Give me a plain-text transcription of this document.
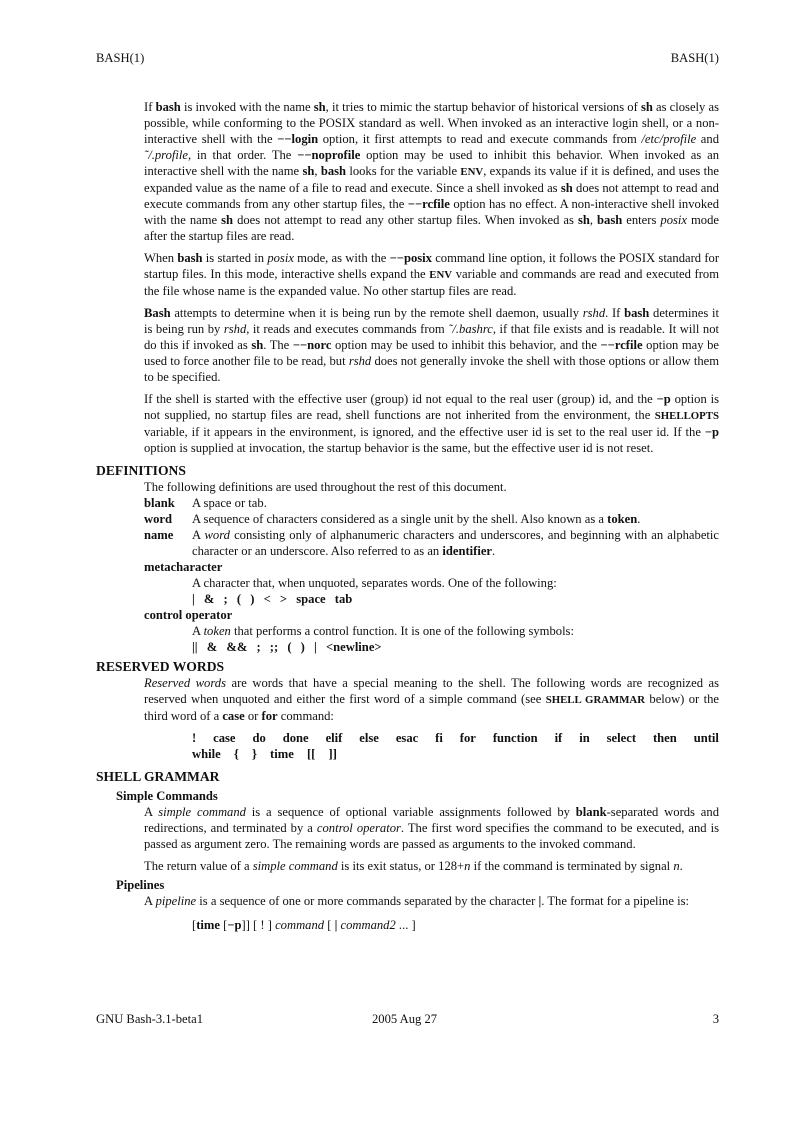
BASH(1)	BASH(1)

If bash is invoked with the name sh, it tries to mimic the startup behavior of historical versions of sh as closely as possible, while conforming to the POSIX standard as well. When invoked as an interactive login shell, or a non-interactive shell with the −−login option, it first attempts to read and execute commands from /etc/profile and ˜/.profile, in that order. The −−noprofile option may be used to inhibit this behavior. When invoked as an interactive shell with the name sh, bash looks for the variable ENV, expands its value if it is defined, and uses the expanded value as the name of a file to read and execute. Since a shell invoked as sh does not attempt to read and execute commands from any other startup files, the −−rcfile option has no effect. A non-interactive shell invoked with the name sh does not attempt to read any other startup files. When invoked as sh, bash enters posix mode after the startup files are read.

When bash is started in posix mode, as with the −−posix command line option, it follows the POSIX standard for startup files. In this mode, interactive shells expand the ENV variable and commands are read and executed from the file whose name is the expanded value. No other startup files are read.

Bash attempts to determine when it is being run by the remote shell daemon, usually rshd. If bash determines it is being run by rshd, it reads and executes commands from ˜/.bashrc, if that file exists and is readable. It will not do this if invoked as sh. The −−norc option may be used to inhibit this behavior, and the −−rcfile option may be used to force another file to be read, but rshd does not generally invoke the shell with those options or allow them to be specified.

If the shell is started with the effective user (group) id not equal to the real user (group) id, and the −p option is not supplied, no startup files are read, shell functions are not inherited from the environment, the SHELLOPTS variable, if it appears in the environment, is ignored, and the effective user id is set to the real user id. If the −p option is supplied at invocation, the startup behavior is the same, but the effective user id is not reset.

DEFINITIONS
The following definitions are used throughout the rest of this document.
blank	A space or tab.
word	A sequence of characters considered as a single unit by the shell. Also known as a token.
name	A word consisting only of alphanumeric characters and underscores, and beginning with an alphabetic character or an underscore. Also referred to as an identifier.
metacharacter
A character that, when unquoted, separates words. One of the following:
| & ; ( ) < > space tab
control operator
A token that performs a control function. It is one of the following symbols:
|| & && ; ;; ( ) | <newline>
RESERVED WORDS
Reserved words are words that have a special meaning to the shell. The following words are recognized as reserved when unquoted and either the first word of a simple command (see SHELL GRAMMAR below) or the third word of a case or for command:
! case do done elif else esac fi for function if in select then until
while { } time [[ ]]
SHELL GRAMMAR
Simple Commands
A simple command is a sequence of optional variable assignments followed by blank-separated words and redirections, and terminated by a control operator. The first word specifies the command to be executed, and is passed as argument zero. The remaining words are passed as arguments to the invoked command.
The return value of a simple command is its exit status, or 128+n if the command is terminated by signal n.
Pipelines
A pipeline is a sequence of one or more commands separated by the character |. The format for a pipeline is:
[time [−p]] [ ! ] command [ | command2 ... ]
GNU Bash-3.1-beta1	2005 Aug 27	3
